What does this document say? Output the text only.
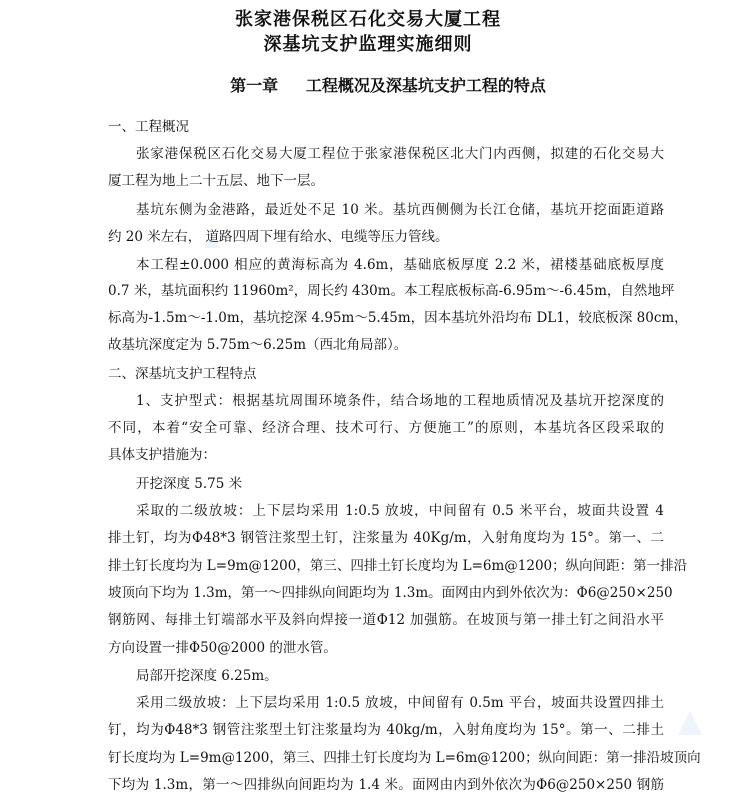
张家港保税区石化交易大厦工程
深基坑支护监理实施细则
第一章     工程概况及深基坑支护工程的特点
一、工程概况
张家港保税区石化交易大厦工程位于张家港保税区北大门内西侧，拟建的石化交易大
厦工程为地上二十五层、地下一层。
基坑东侧为金港路，最近处不足 10 米。基坑西侧侧为长江仓储，基坑开挖面距道路
约 20 米左右， 道路四周下埋有给水、电缆等压力管线。
本工程±0.000 相应的黄海标高为 4.6m，基础底板厚度 2.2 米，裙楼基础底板厚度
0.7 米，基坑面积约 11960m²，周长约 430m。本工程底板标高-6.95m～-6.45m，自然地坪
标高为-1.5m～-1.0m，基坑挖深 4.95m～5.45m，因本基坑外沿均布 DL1，较底板深 80cm，
故基坑深度定为 5.75m～6.25m（西北角局部）。
二、深基坑支护工程特点
1、支护型式：根据基坑周围环境条件，结合场地的工程地质情况及基坑开挖深度的
不同，本着“安全可靠、经济合理、技术可行、方便施工”的原则，本基坑各区段采取的
具体支护措施为：
开挖深度 5.75 米
采取的二级放坡：上下层均采用 1:0.5 放坡，中间留有 0.5 米平台，坡面共设置 4
排土钉，均为Φ48*3 钢管注浆型土钉，注浆量为 40Kg/m，入射角度均为 15°。第一、二
排土钉长度均为 L=9m@1200，第三、四排土钉长度均为 L=6m@1200；纵向间距：第一排沿
坡顶向下均为 1.3m，第一～四排纵向间距均为 1.3m。面网由内到外依次为：Φ6@250×250
钢筋网、每排土钉端部水平及斜向焊接一道Φ12 加强筋。在坡顶与第一排土钉之间沿水平
方向设置一排Φ50@2000 的泄水管。
局部开挖深度 6.25m。
采用二级放坡：上下层均采用 1:0.5 放坡，中间留有 0.5m 平台，坡面共设置四排土
钉，均为Φ48*3 钢管注浆型土钉注浆量均为 40kg/m，入射角度均为 15°。第一、二排土
钉长度均为 L=9m@1200，第三、四排土钉长度均为 L=6m@1200；纵向间距：第一排沿坡顶向
下均为 1.3m，第一～四排纵向间距均为 1.4 米。面网由内到外依次为Φ6@250×250 钢筋
